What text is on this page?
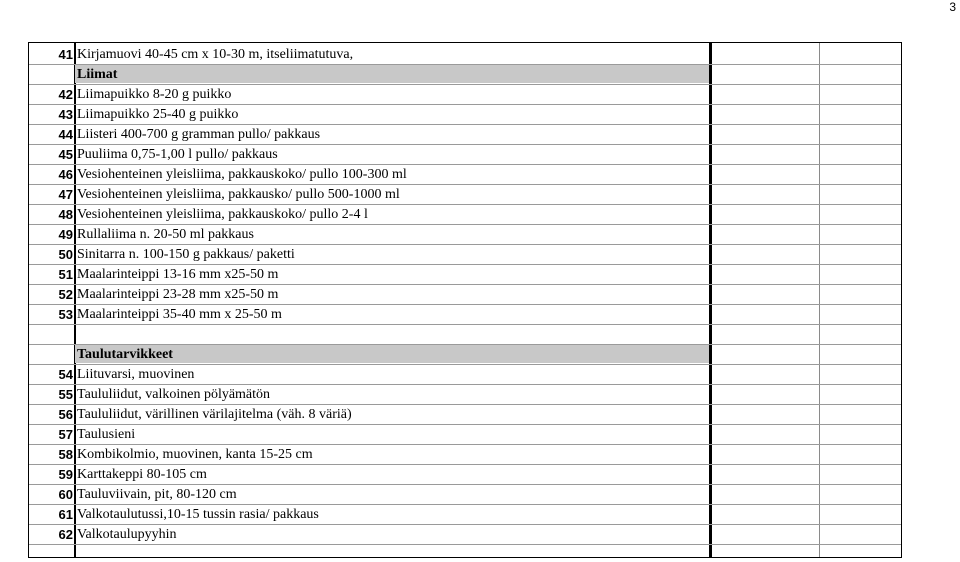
3
41 Kirjamuovi 40-45 cm x 10-30 m, itseliimatutuva,
Liimat
42 Liimapuikko 8-20 g puikko
43 Liimapuikko 25-40 g puikko
44 Liisteri 400-700 g gramman pullo/ pakkaus
45 Puuliima 0,75-1,00 l pullo/ pakkaus
46 Vesiohenteinen yleisliima, pakkauskoko/ pullo 100-300 ml
47 Vesiohenteinen yleisliima, pakkausko/ pullo 500-1000 ml
48 Vesiohenteinen yleisliima, pakkauskoko/ pullo 2-4 l
49 Rullaliima n. 20-50 ml pakkaus
50 Sinitarra n. 100-150 g pakkaus/ paketti
51 Maalarinteippi 13-16 mm x25-50 m
52 Maalarinteippi 23-28 mm x25-50 m
53 Maalarinteippi 35-40 mm x 25-50 m
Taulutarvikkeet
54 Liituvarsi, muovinen
55 Taululiidut, valkoinen pölyämätön
56 Taululiidut, värillinen värilajitelma (väh. 8 väriä)
57 Taulusieni
58 Kombikolmio, muovinen, kanta 15-25 cm
59 Karttakeppi 80-105 cm
60 Tauluviivain, pit, 80-120 cm
61 Valkotaulutussi,10-15 tussin rasia/ pakkaus
62 Valkotaulupyyhin
